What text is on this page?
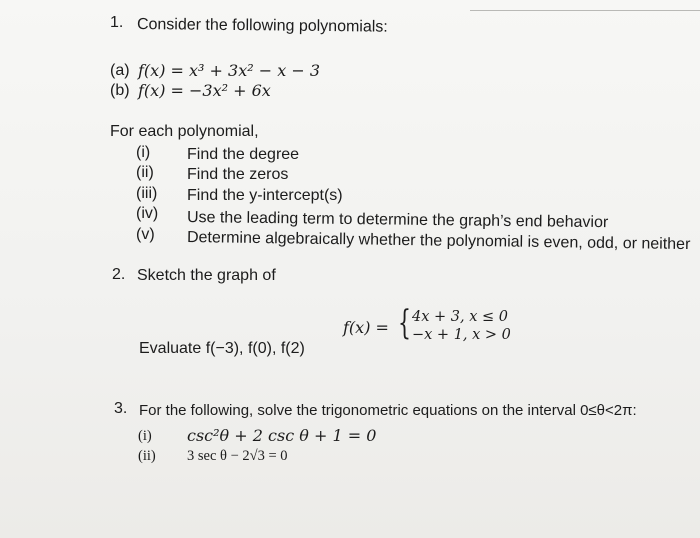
1. Consider the following polynomials:
(a) f(x) = x³ + 3x² − x − 3
(b) f(x) = −3x² + 6x
For each polynomial,
(i) Find the degree
(ii) Find the zeros
(iii) Find the y-intercept(s)
(iv) Use the leading term to determine the graph’s end behavior
(v) Determine algebraically whether the polynomial is even, odd, or neither
2. Sketch the graph of
f(x) = { 4x + 3, x ≤ 0
−x + 1, x > 0
Evaluate f(−3), f(0), f(2)
3. For the following, solve the trigonometric equations on the interval 0≤θ<2π:
(i) csc²θ + 2 csc θ + 1 = 0
(ii) 3 sec θ − 2√3 = 0
